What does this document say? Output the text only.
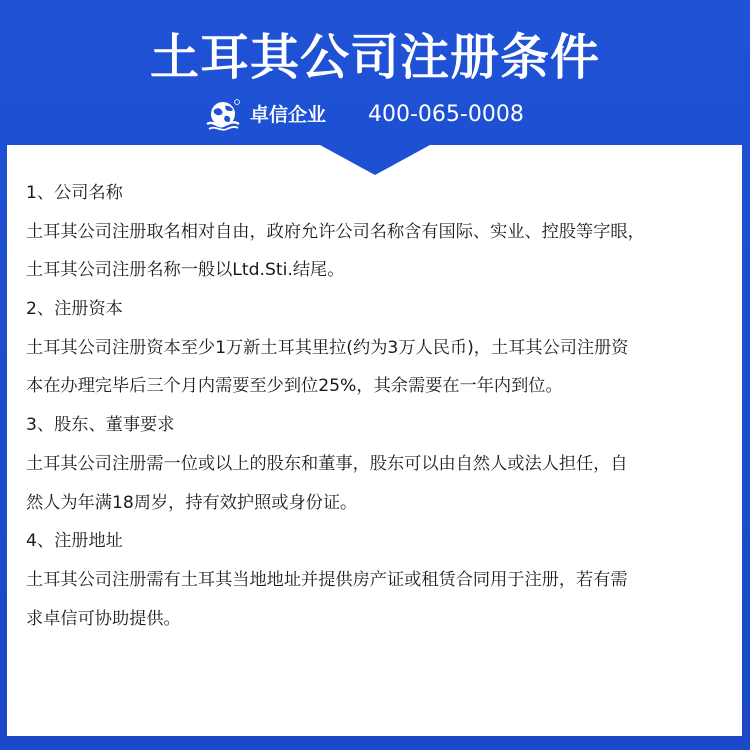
土耳其公司注册条件
卓信企业 400-065-0008
1、公司名称
土耳其公司注册取名相对自由，政府允许公司名称含有国际、实业、控股等字眼，
土耳其公司注册名称一般以Ltd.Sti.结尾。
2、注册资本
土耳其公司注册资本至少1万新土耳其里拉(约为3万人民币)，土耳其公司注册资
本在办理完毕后三个月内需要至少到位25%，其余需要在一年内到位。
3、股东、董事要求
土耳其公司注册需一位或以上的股东和董事，股东可以由自然人或法人担任，自
然人为年满18周岁，持有效护照或身份证。
4、注册地址
土耳其公司注册需有土耳其当地地址并提供房产证或租赁合同用于注册，若有需
求卓信可协助提供。
